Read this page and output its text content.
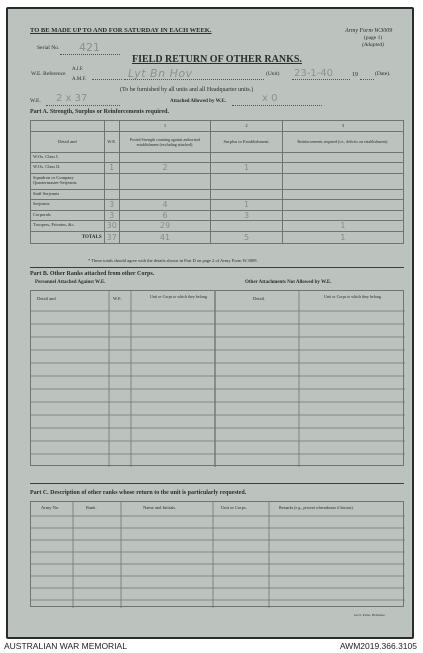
TO BE MADE UP TO AND FOR SATURDAY IN EACH WEEK.	Army Form W.3009
(page 1)
(Adapted)
Serial No. 421
FIELD RETURN OF OTHER RANKS.
A.I.F.
W.E. Reference
A.M.F.	Lyt Bn Hov	(Unit) 23-1-40	19	(Date).
(To be furnished by all units and all Headquarter units.)
W.E. 2 x 37	Attached Allowed by W.E.	x 0
Part A. Strength, Surplus or Reinforcements required.
		1	2	3
Detail and	W.E.	Posted Strength counting against authorised establishment (excluding attached).	Surplus to Establishment.	Reinforcements required (i.e., deficits on establishment).
W.Os. Class I.				
W.Os. Class II.	1	2	1	
Squadron or Company Quartermaster-Serjeants				
Staff Serjeants				
Serjeants	3	4	1	
Corporals	3	6	3	
Troopers, Privates, &c.	30	29		1
TOTALS	37	41	5	1
* These totals should agree with the details shown in Part D on page 2 of Army Form W.3009.
Part B. Other Ranks attached from other Corps.
Personnel Attached Against W.E.	Other Attachments Not Allowed by W.E.
Detail and	W.E.	Unit or Corps to which they belong.	Detail.	Unit or Corps to which they belong.
Part C. Description of other ranks whose return to the unit is particularly requested.
Army No.	Rank.	Name and Initials.	Unit or Corps.	Remarks (e.g., present whereabouts if known).
Govt. Print., Brisbane.
AUSTRALIAN WAR MEMORIAL	AWM2019.366.3105
